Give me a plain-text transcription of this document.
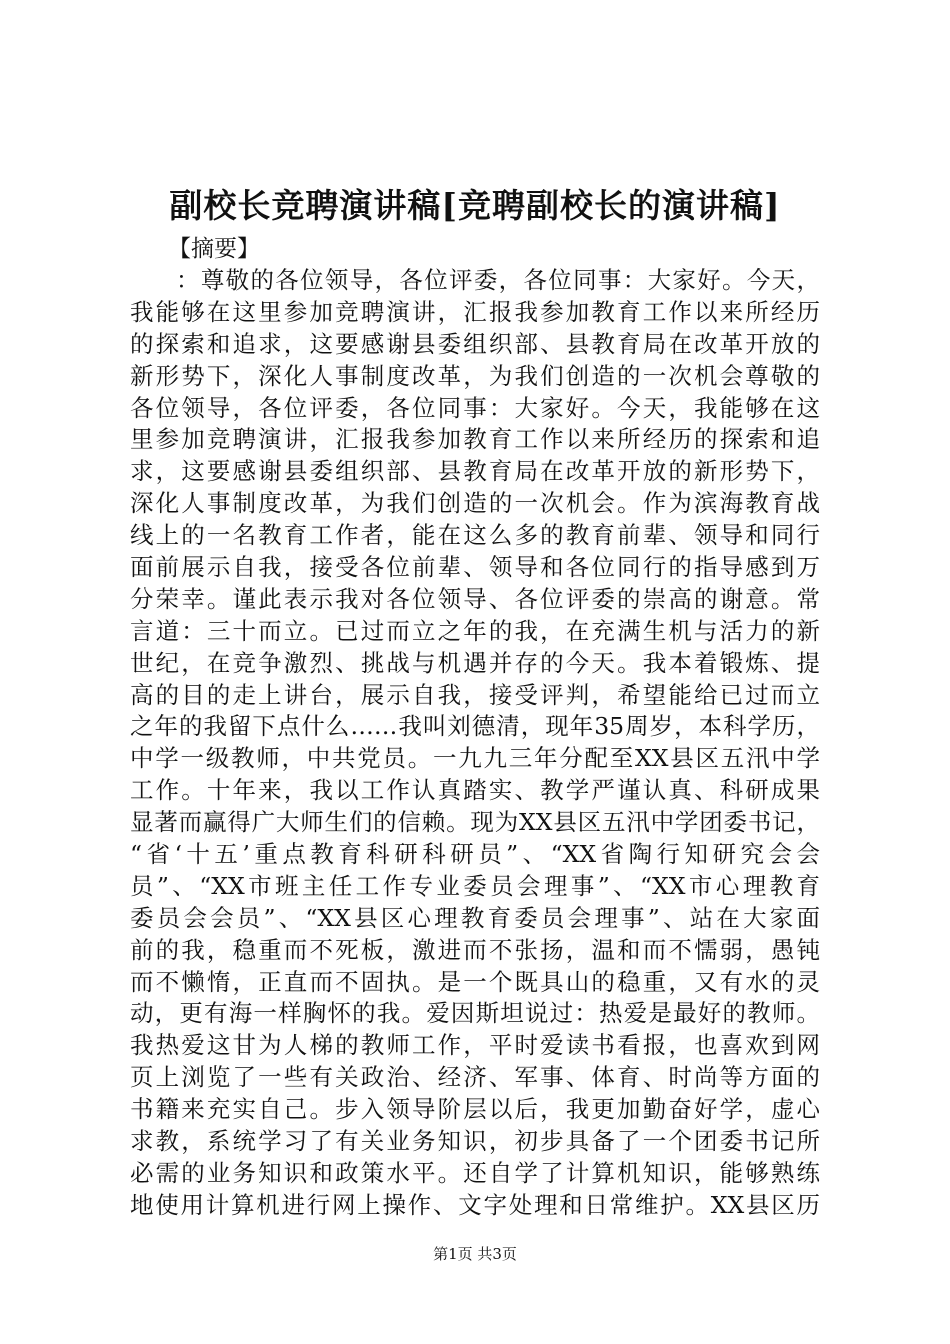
副校长竞聘演讲稿[竞聘副校长的演讲稿]
【摘要】
：尊敬的各位领导，各位评委，各位同事：大家好。今天，
我能够在这里参加竞聘演讲，汇报我参加教育工作以来所经历
的探索和追求，这要感谢县委组织部、县教育局在改革开放的
新形势下，深化人事制度改革，为我们创造的一次机会尊敬的
各位领导，各位评委，各位同事：大家好。今天，我能够在这
里参加竞聘演讲，汇报我参加教育工作以来所经历的探索和追
求，这要感谢县委组织部、县教育局在改革开放的新形势下，
深化人事制度改革，为我们创造的一次机会。作为滨海教育战
线上的一名教育工作者，能在这么多的教育前辈、领导和同行
面前展示自我，接受各位前辈、领导和各位同行的指导感到万
分荣幸。谨此表示我对各位领导、各位评委的崇高的谢意。常
言道：三十而立。已过而立之年的我，在充满生机与活力的新
世纪，在竞争激烈、挑战与机遇并存的今天。我本着锻炼、提
高的目的走上讲台，展示自我，接受评判，希望能给已过而立
之年的我留下点什么……我叫刘德清，现年35周岁，本科学历，
中学一级教师，中共党员。一九九三年分配至XX县区五汛中学
工作。十年来，我以工作认真踏实、教学严谨认真、科研成果
显著而赢得广大师生们的信赖。现为XX县区五汛中学团委书记，
“省‘十五’重点教育科研科研员”、“XX省陶行知研究会会
员”、“XX市班主任工作专业委员会理事”、“XX市心理教育
委员会会员”、“XX县区心理教育委员会理事”、站在大家面
前的我，稳重而不死板，激进而不张扬，温和而不懦弱，愚钝
而不懒惰，正直而不固执。是一个既具山的稳重，又有水的灵
动，更有海一样胸怀的我。爱因斯坦说过：热爱是最好的教师。
我热爱这甘为人梯的教师工作，平时爱读书看报，也喜欢到网
页上浏览了一些有关政治、经济、军事、体育、时尚等方面的
书籍来充实自己。步入领导阶层以后，我更加勤奋好学，虚心
求教，系统学习了有关业务知识，初步具备了一个团委书记所
必需的业务知识和政策水平。还自学了计算机知识，能够熟练
地使用计算机进行网上操作、文字处理和日常维护。XX县区历
第1页 共3页
